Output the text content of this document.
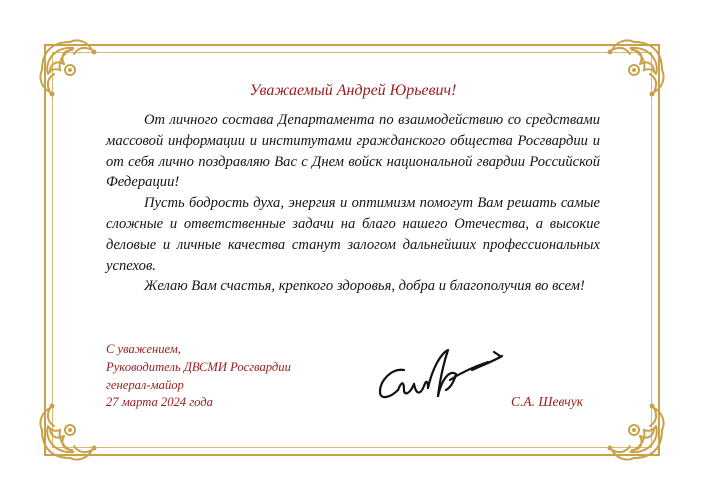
Уважаемый Андрей Юрьевич!

От личного состава Департамента по взаимодействию со средствами массовой информации и институтами гражданского общества Росгвардии и от себя лично поздравляю Вас с Днем войск национальной гвардии Российской Федерации!

Пусть бодрость духа, энергия и оптимизм помогут Вам решать самые сложные и ответственные задачи на благо нашего Отечества, а высокие деловые и личные качества станут залогом дальнейших профессиональных успехов.

Желаю Вам счастья, крепкого здоровья, добра и благополучия во всем!

С уважением,
Руководитель ДВСМИ Росгвардии
генерал-майор
27 марта 2024 года	С.А. Шевчук
